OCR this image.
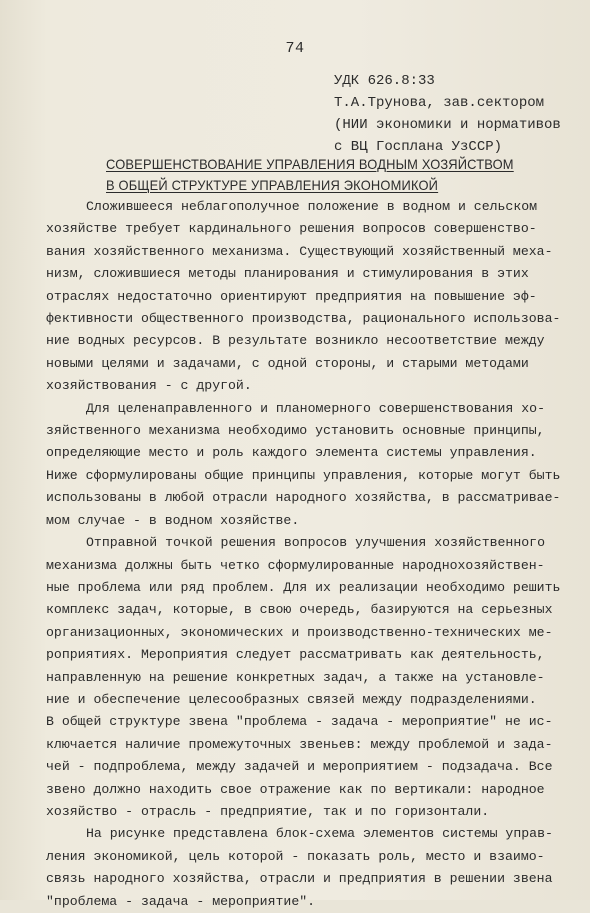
74
УДК 626.8:33
Т.А.Трунова, зав.сектором
(НИИ экономики и нормативов
с ВЦ Госплана УзССР)
СОВЕРШЕНСТВОВАНИЕ УПРАВЛЕНИЯ ВОДНЫМ ХОЗЯЙСТВОМ
В ОБЩЕЙ СТРУКТУРЕ УПРАВЛЕНИЯ ЭКОНОМИКОЙ
Сложившееся неблагополучное положение в водном и сельском
хозяйстве требует кардинального решения вопросов совершенство-
вания хозяйственного механизма. Существующий хозяйственный меха-
низм, сложившиеся методы планирования и стимулирования в этих
отраслях недостаточно ориентируют предприятия на повышение эф-
фективности общественного производства, рационального использова-
ние водных ресурсов. В результате возникло несоответствие между
новыми целями и задачами, с одной стороны, и старыми методами
хозяйствования - с другой.
Для целенаправленного и планомерного совершенствования хо-
зяйственного механизма необходимо установить основные принципы,
определяющие место и роль каждого элемента системы управления.
Ниже сформулированы общие принципы управления, которые могут быть
использованы в любой отрасли народного хозяйства, в рассматривае-
мом случае - в водном хозяйстве.
Отправной точкой решения вопросов улучшения хозяйственного
механизма должны быть четко сформулированные народнохозяйствен-
ные проблема или ряд проблем. Для их реализации необходимо решить
комплекс задач, которые, в свою очередь, базируются на серьезных
организационных, экономических и производственно-технических ме-
роприятиях. Мероприятия следует рассматривать как деятельность,
направленную на решение конкретных задач, а также на установле-
ние и обеспечение целесообразных связей между подразделениями.
В общей структуре звена "проблема - задача - мероприятие" не ис-
ключается наличие промежуточных звеньев: между проблемой и зада-
чей - подпроблема, между задачей и мероприятием - подзадача. Все
звено должно находить свое отражение как по вертикали: народное
хозяйство - отрасль - предприятие, так и по горизонтали.
На рисунке представлена блок-схема элементов системы управ-
ления экономикой, цель которой - показать роль, место и взаимо-
связь народного хозяйства, отрасли и предприятия в решении звена
"проблема - задача - мероприятие".
